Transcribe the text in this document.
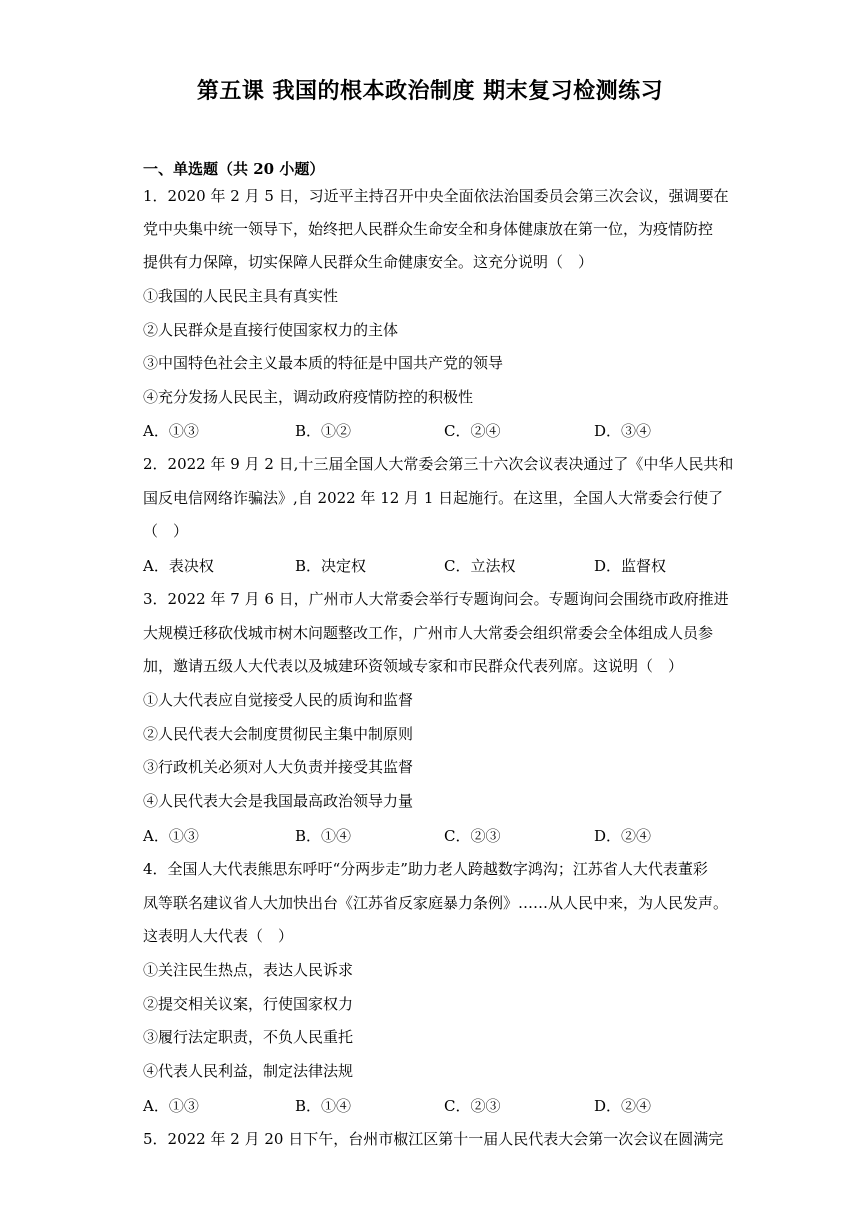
第五课 我国的根本政治制度 期末复习检测练习
一、单选题（共 20 小题）
1．2020 年 2 月 5 日，习近平主持召开中央全面依法治国委员会第三次会议，强调要在
党中央集中统一领导下，始终把人民群众生命安全和身体健康放在第一位，为疫情防控
提供有力保障，切实保障人民群众生命健康安全。这充分说明（　）
①我国的人民民主具有真实性
②人民群众是直接行使国家权力的主体
③中国特色社会主义最本质的特征是中国共产党的领导
④充分发扬人民民主，调动政府疫情防控的积极性
A．①③	B．①②	C．②④	D．③④
2．2022 年 9 月 2 日,十三届全国人大常委会第三十六次会议表决通过了《中华人民共和
国反电信网络诈骗法》,自 2022 年 12 月 1 日起施行。在这里，全国人大常委会行使了
（　）
A．表决权	B．决定权	C．立法权	D．监督权
3．2022 年 7 月 6 日，广州市人大常委会举行专题询问会。专题询问会围绕市政府推进
大规模迁移砍伐城市树木问题整改工作，广州市人大常委会组织常委会全体组成人员参
加，邀请五级人大代表以及城建环资领域专家和市民群众代表列席。这说明（　）
①人大代表应自觉接受人民的质询和监督
②人民代表大会制度贯彻民主集中制原则
③行政机关必须对人大负责并接受其监督
④人民代表大会是我国最高政治领导力量
A．①③	B．①④	C．②③	D．②④
4．全国人大代表熊思东呼吁“分两步走”助力老人跨越数字鸿沟；江苏省人大代表董彩
凤等联名建议省人大加快出台《江苏省反家庭暴力条例》……从人民中来，为人民发声。
这表明人大代表（　）
①关注民生热点，表达人民诉求
②提交相关议案，行使国家权力
③履行法定职责，不负人民重托
④代表人民利益，制定法律法规
A．①③	B．①④	C．②③	D．②④
5．2022 年 2 月 20 日下午，台州市椒江区第十一届人民代表大会第一次会议在圆满完
